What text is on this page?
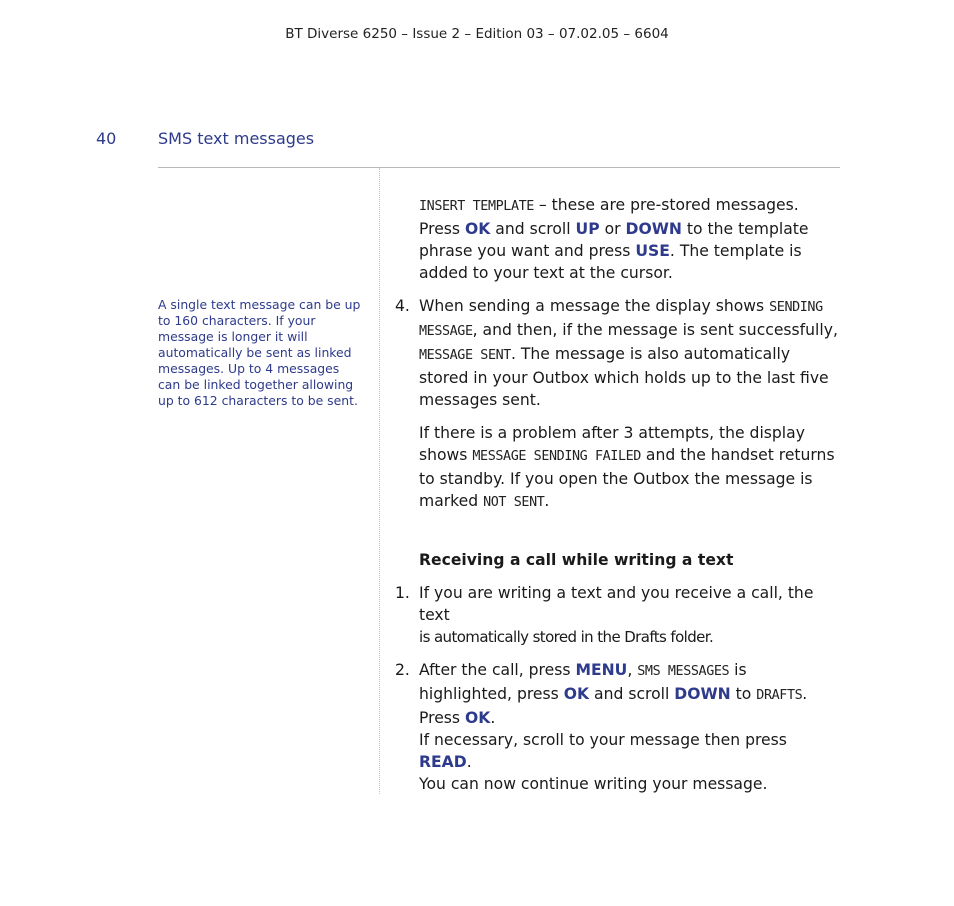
BT Diverse 6250 – Issue 2 – Edition 03 – 07.02.05 – 6604
40	SMS text messages
A single text message can be up to 160 characters. If your message is longer it will automatically be sent as linked messages. Up to 4 messages can be linked together allowing up to 612 characters to be sent.

INSERT TEMPLATE – these are pre-stored messages. Press OK and scroll UP or DOWN to the template phrase you want and press USE. The template is added to your text at the cursor.

4. When sending a message the display shows SENDING MESSAGE, and then, if the message is sent successfully, MESSAGE SENT. The message is also automatically stored in your Outbox which holds up to the last five messages sent.

If there is a problem after 3 attempts, the display shows MESSAGE SENDING FAILED and the handset returns to standby. If you open the Outbox the message is marked NOT SENT.

Receiving a call while writing a text

1. If you are writing a text and you receive a call, the text
is automatically stored in the Drafts folder.

2. After the call, press MENU, SMS MESSAGES is highlighted, press OK and scroll DOWN to DRAFTS. Press OK.
If necessary, scroll to your message then press READ.
You can now continue writing your message.
